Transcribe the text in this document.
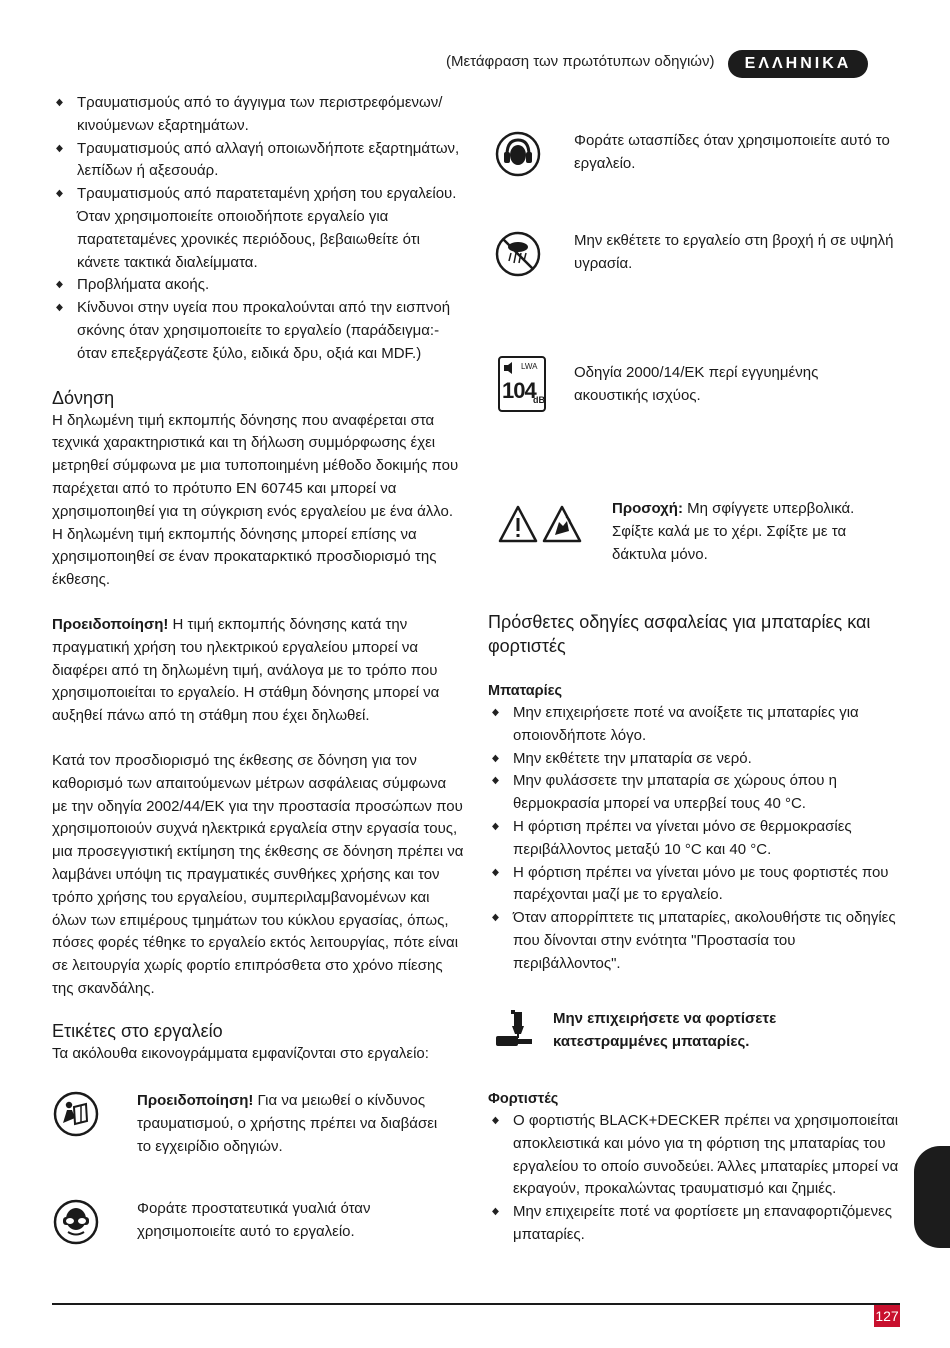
(Μετάφραση των πρωτότυπων οδηγιών)	ΕΛΛΗΝΙΚΑ
◆ Τραυματισμούς από το άγγιγμα των περιστρεφόμενων/ κινούμενων εξαρτημάτων.
◆ Τραυματισμούς από αλλαγή οποιωνδήποτε εξαρτημάτων, λεπίδων ή αξεσουάρ.
◆ Τραυματισμούς από παρατεταμένη χρήση του εργαλείου. Όταν χρησιμοποιείτε οποιοδήποτε εργαλείο για παρατεταμένες χρονικές περιόδους, βεβαιωθείτε ότι κάνετε τακτικά διαλείμματα.
◆ Προβλήματα ακοής.
◆ Κίνδυνοι στην υγεία που προκαλούνται από την εισπνοή σκόνης όταν χρησιμοποιείτε το εργαλείο (παράδειγμα:- όταν επεξεργάζεστε ξύλο, ειδικά δρυ, οξιά και MDF.)
Δόνηση

Η δηλωμένη τιμή εκπομπής δόνησης που αναφέρεται στα τεχνικά χαρακτηριστικά και τη δήλωση συμμόρφωσης έχει μετρηθεί σύμφωνα με μια τυποποιημένη μέθοδο δοκιμής που παρέχεται από το πρότυπο EN 60745 και μπορεί να χρησιμοποιηθεί για τη σύγκριση ενός εργαλείου με ένα άλλο. Η δηλωμένη τιμή εκπομπής δόνησης μπορεί επίσης να χρησιμοποιηθεί σε έναν προκαταρκτικό προσδιορισμό της έκθεσης.

Προειδοποίηση! Η τιμή εκπομπής δόνησης κατά την πραγματική χρήση του ηλεκτρικού εργαλείου μπορεί να διαφέρει από τη δηλωμένη τιμή, ανάλογα με το τρόπο που χρησιμοποιείται το εργαλείο. Η στάθμη δόνησης μπορεί να αυξηθεί πάνω από τη στάθμη που έχει δηλωθεί.

Κατά τον προσδιορισμό της έκθεσης σε δόνηση για τον καθορισμό των απαιτούμενων μέτρων ασφάλειας σύμφωνα με την οδηγία 2002/44/ΕΚ για την προστασία προσώπων που χρησιμοποιούν συχνά ηλεκτρικά εργαλεία στην εργασία τους, μια προσεγγιστική εκτίμηση της έκθεσης σε δόνηση πρέπει να λαμβάνει υπόψη τις πραγματικές συνθήκες χρήσης και τον τρόπο χρήσης του εργαλείου, συμπεριλαμβανομένων και όλων των επιμέρους τμημάτων του κύκλου εργασίας, όπως, πόσες φορές τέθηκε το εργαλείο εκτός λειτουργίας, πότε είναι σε λειτουργία χωρίς φορτίο επιπρόσθετα στο χρόνο πίεσης της σκανδάλης.

Ετικέτες στο εργαλείο

Τα ακόλουθα εικονογράμματα εμφανίζονται στο εργαλείο:

Προειδοποίηση! Για να μειωθεί ο κίνδυνος τραυματισμού, ο χρήστης πρέπει να διαβάσει το εγχειρίδιο οδηγιών.
Φοράτε προστατευτικά γυαλιά όταν χρησιμοποιείτε αυτό το εργαλείο.
Φοράτε ωτασπίδες όταν χρησιμοποιείτε αυτό το εργαλείο.
Μην εκθέτετε το εργαλείο στη βροχή ή σε υψηλή υγρασία.
LWA
104
dB
Οδηγία 2000/14/ΕΚ περί εγγυημένης ακουστικής ισχύος.
Προσοχή: Μη σφίγγετε υπερβολικά. Σφίξτε καλά με το χέρι. Σφίξτε με τα δάκτυλα μόνο.
Πρόσθετες οδηγίες ασφαλείας για μπαταρίες και φορτιστές
Μπαταρίες
◆ Μην επιχειρήσετε ποτέ να ανοίξετε τις μπαταρίες για οποιονδήποτε λόγο.
◆ Μην εκθέτετε την μπαταρία σε νερό.
◆ Μην φυλάσσετε την μπαταρία σε χώρους όπου η θερμοκρασία μπορεί να υπερβεί τους 40 °C.
◆ Η φόρτιση πρέπει να γίνεται μόνο σε θερμοκρασίες περιβάλλοντος μεταξύ 10 °C και 40 °C.
◆ Η φόρτιση πρέπει να γίνεται μόνο με τους φορτιστές που παρέχονται μαζί με το εργαλείο.
◆ Όταν απορρίπτετε τις μπαταρίες, ακολουθήστε τις οδηγίες που δίνονται στην ενότητα "Προστασία του περιβάλλοντος".
Μην επιχειρήσετε να φορτίσετε κατεστραμμένες μπαταρίες.
Φορτιστές
◆ Ο φορτιστής BLACK+DECKER πρέπει να χρησιμοποιείται αποκλειστικά και μόνο για τη φόρτιση της μπαταρίας του εργαλείου το οποίο συνοδεύει. Άλλες μπαταρίες μπορεί να εκραγούν, προκαλώντας τραυματισμό και ζημιές.
◆ Μην επιχειρείτε ποτέ να φορτίσετε μη επαναφορτιζόμενες μπαταρίες.
127
